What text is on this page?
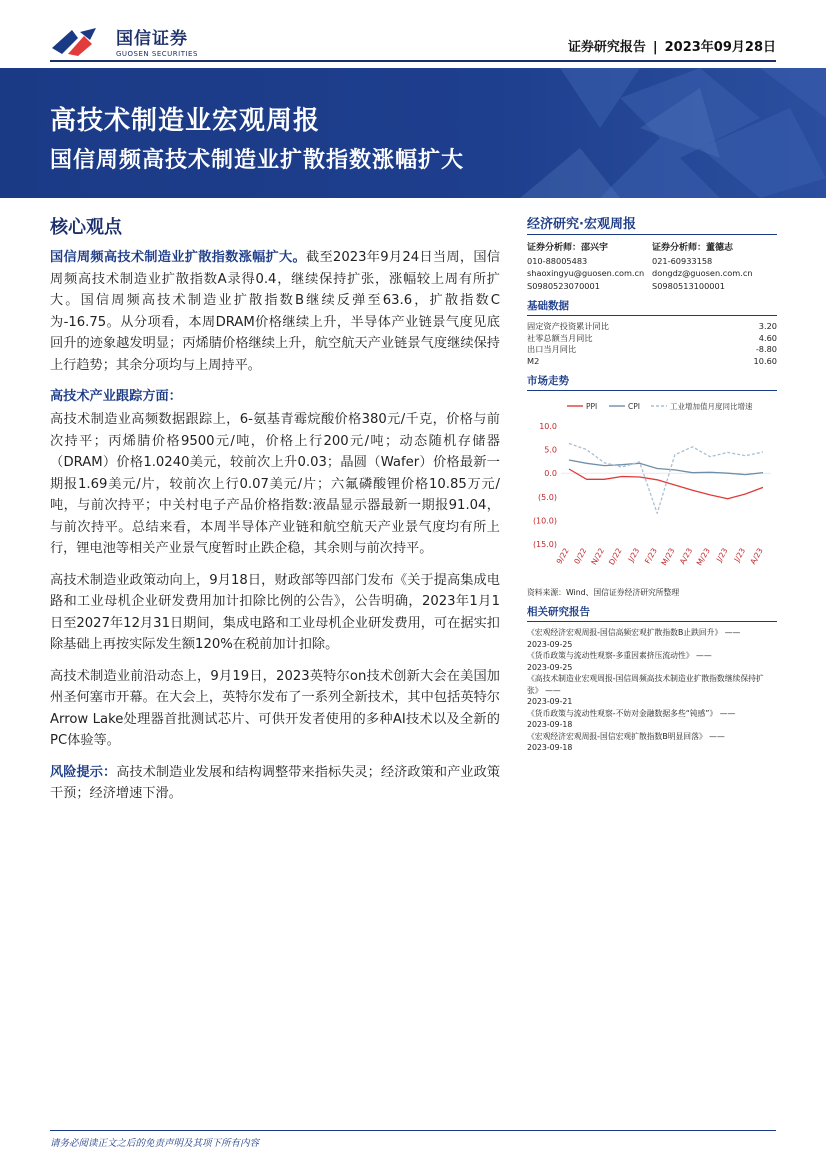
国信证券
GUOSEN SECURITIES	证券研究报告 | 2023年09月28日
高技术制造业宏观周报
国信周频高技术制造业扩散指数涨幅扩大
核心观点

国信周频高技术制造业扩散指数涨幅扩大。截至2023年9月24日当周，国信周频高技术制造业扩散指数A录得0.4，继续保持扩张，涨幅较上周有所扩大。国信周频高技术制造业扩散指数B继续反弹至63.6，扩散指数C为-16.75。从分项看，本周DRAM价格继续上升，半导体产业链景气度见底回升的迹象越发明显；丙烯腈价格继续上升，航空航天产业链景气度继续保持上行趋势；其余分项均与上周持平。

高技术产业跟踪方面：

高技术制造业高频数据跟踪上，6-氨基青霉烷酸价格380元/千克，价格与前次持平；丙烯腈价格9500元/吨，价格上行200元/吨；动态随机存储器（DRAM）价格1.0240美元，较前次上升0.03；晶圆（Wafer）价格最新一期报1.69美元/片，较前次上行0.07美元/片；六氟磷酸锂价格10.85万元/吨，与前次持平；中关村电子产品价格指数:液晶显示器最新一期报91.04，与前次持平。总结来看，本周半导体产业链和航空航天产业景气度均有所上行，锂电池等相关产业景气度暂时止跌企稳，其余则与前次持平。

高技术制造业政策动向上，9月18日，财政部等四部门发布《关于提高集成电路和工业母机企业研发费用加计扣除比例的公告》，公告明确，2023年1月1日至2027年12月31日期间，集成电路和工业母机企业研发费用，可在据实扣除基础上再按实际发生额120%在税前加计扣除。

高技术制造业前沿动态上，9月19日，2023英特尔on技术创新大会在美国加州圣何塞市开幕。在大会上，英特尔发布了一系列全新技术，其中包括英特尔Arrow Lake处理器首批测试芯片、可供开发者使用的多种AI技术以及全新的PC体验等。

风险提示：高技术制造业发展和结构调整带来指标失灵；经济政策和产业政策干预；经济增速下滑。

经济研究·宏观周报
证券分析师：邵兴宇
010-88005483
shaoxingyu@guosen.com.cn
S0980523070001
证券分析师：董德志
021-60933158
dongdz@guosen.com.cn
S0980513100001
基础数据
固定资产投资累计同比	3.20
社零总额当月同比	4.60
出口当月同比	-8.80
M2	10.60
市场走势
10.0
5.0
0.0
(5.0)
(10.0)
(15.0)
9/22 0/22 N/22 D/22 J/23 F/23 M/23 A/23 M/23 J/23 J/23 A/23
PPI	CPI	工业增加值月度同比增速
资料来源：Wind、国信证券经济研究所整理
相关研究报告
《宏观经济宏观周报-国信高频宏观扩散指数B止跌回升》 ——
2023-09-25
《货币政策与流动性观察-多重因素挤压流动性》 ——
2023-09-25
《高技术制造业宏观周报-国信周频高技术制造业扩散指数继续保持扩张》 ——
2023-09-21
《货币政策与流动性观察-不妨对金融数据多些“钝感”》 ——
2023-09-18
《宏观经济宏观周报-国信宏观扩散指数B明显回落》 ——
2023-09-18
请务必阅读正文之后的免责声明及其项下所有内容
